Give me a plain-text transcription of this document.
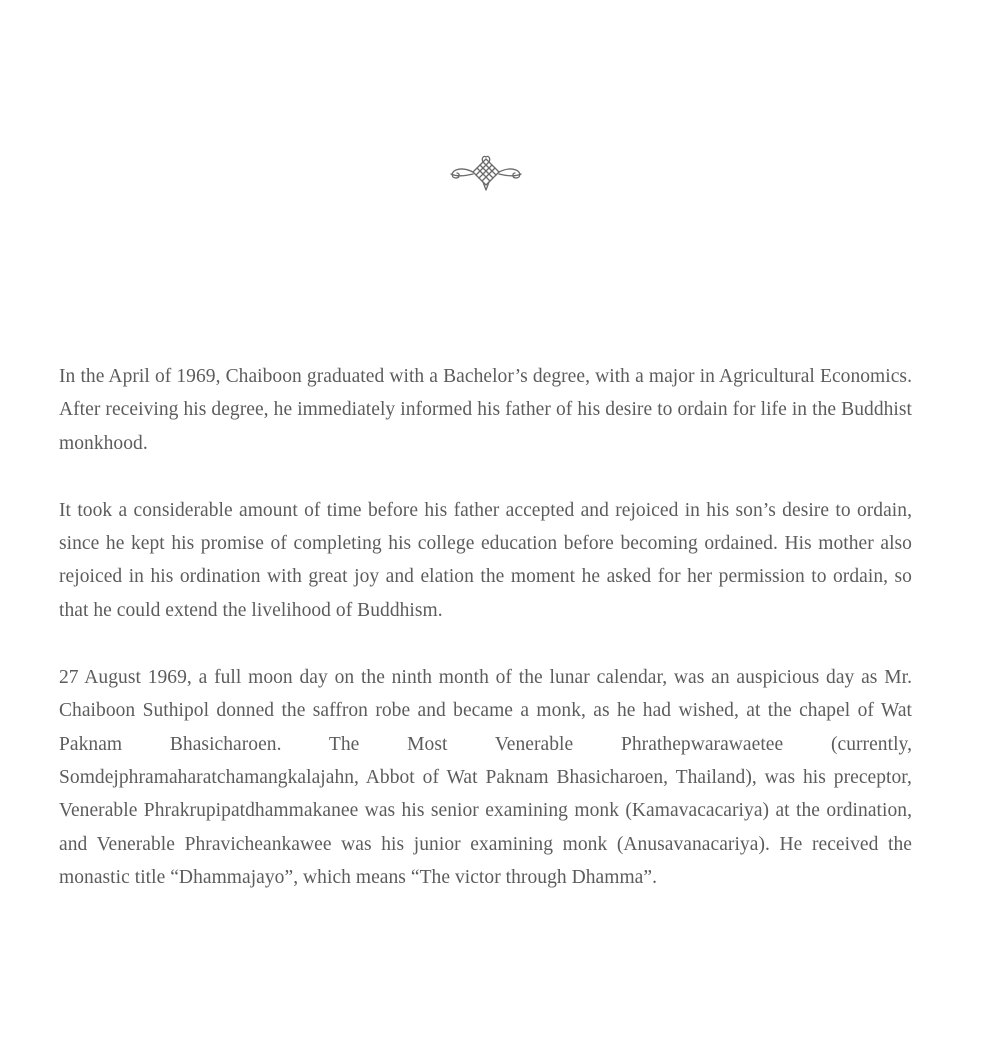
In the April of 1969, Chaiboon graduated with a Bachelor’s degree, with a major in Agricultural Economics. After receiving his degree, he immediately informed his father of his desire to ordain for life in the Buddhist monkhood.

It took a considerable amount of time before his father accepted and rejoiced in his son’s desire to ordain, since he kept his promise of completing his college education before becoming ordained. His mother also rejoiced in his ordination with great joy and elation the moment he asked for her permission to ordain, so that he could extend the livelihood of Buddhism.

27 August 1969, a full moon day on the ninth month of the lunar calendar, was an auspicious day as Mr. Chaiboon Suthipol donned the saffron robe and became a monk, as he had wished, at the chapel of Wat Paknam Bhasicharoen. The Most Venerable Phrathepwarawaetee (currently, Somdejphramaharatchamangkalajahn, Abbot of Wat Paknam Bhasicharoen, Thailand), was his preceptor, Venerable Phrakrupipatdhammakanee was his senior examining monk (Kamavacacariya) at the ordination, and Venerable Phravicheankawee was his junior examining monk (Anusavanacariya). He received the monastic title “Dhammajayo”, which means “The victor through Dhamma”.
